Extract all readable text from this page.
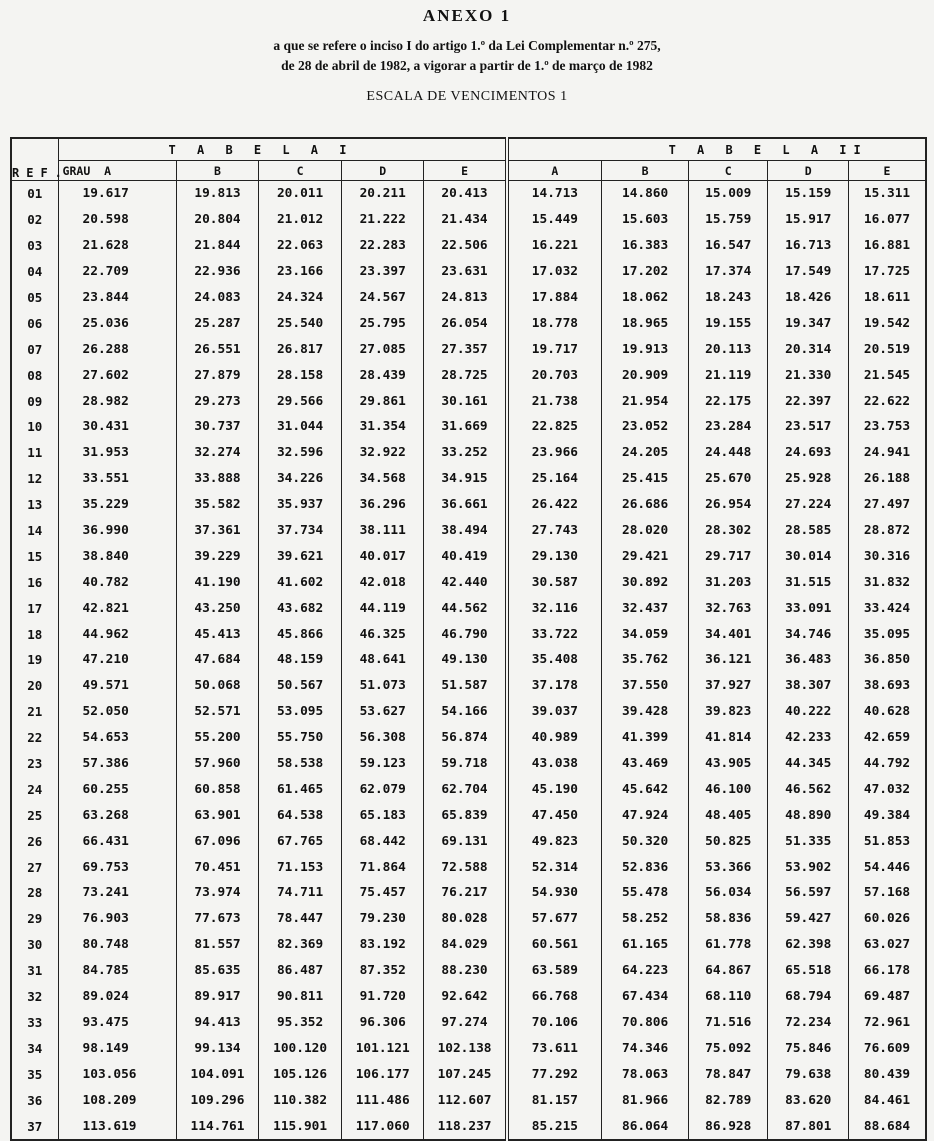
ANEXO 1
a que se refere o inciso I do artigo 1.º da Lei Complementar n.º 275,
de 28 de abril de 1982, a vigorar a partir de 1.º de março de 1982
ESCALA DE VENCIMENTOS 1
REF.	T A B E L A I					T A B E L A II				
	GRAU A	B	C	D	E	A	B	C	D	E
01	19.617	19.813	20.011	20.211	20.413	14.713	14.860	15.009	15.159	15.311
02	20.598	20.804	21.012	21.222	21.434	15.449	15.603	15.759	15.917	16.077
03	21.628	21.844	22.063	22.283	22.506	16.221	16.383	16.547	16.713	16.881
04	22.709	22.936	23.166	23.397	23.631	17.032	17.202	17.374	17.549	17.725
05	23.844	24.083	24.324	24.567	24.813	17.884	18.062	18.243	18.426	18.611
06	25.036	25.287	25.540	25.795	26.054	18.778	18.965	19.155	19.347	19.542
07	26.288	26.551	26.817	27.085	27.357	19.717	19.913	20.113	20.314	20.519
08	27.602	27.879	28.158	28.439	28.725	20.703	20.909	21.119	21.330	21.545
09	28.982	29.273	29.566	29.861	30.161	21.738	21.954	22.175	22.397	22.622
10	30.431	30.737	31.044	31.354	31.669	22.825	23.052	23.284	23.517	23.753
11	31.953	32.274	32.596	32.922	33.252	23.966	24.205	24.448	24.693	24.941
12	33.551	33.888	34.226	34.568	34.915	25.164	25.415	25.670	25.928	26.188
13	35.229	35.582	35.937	36.296	36.661	26.422	26.686	26.954	27.224	27.497
14	36.990	37.361	37.734	38.111	38.494	27.743	28.020	28.302	28.585	28.872
15	38.840	39.229	39.621	40.017	40.419	29.130	29.421	29.717	30.014	30.316
16	40.782	41.190	41.602	42.018	42.440	30.587	30.892	31.203	31.515	31.832
17	42.821	43.250	43.682	44.119	44.562	32.116	32.437	32.763	33.091	33.424
18	44.962	45.413	45.866	46.325	46.790	33.722	34.059	34.401	34.746	35.095
19	47.210	47.684	48.159	48.641	49.130	35.408	35.762	36.121	36.483	36.850
20	49.571	50.068	50.567	51.073	51.587	37.178	37.550	37.927	38.307	38.693
21	52.050	52.571	53.095	53.627	54.166	39.037	39.428	39.823	40.222	40.628
22	54.653	55.200	55.750	56.308	56.874	40.989	41.399	41.814	42.233	42.659
23	57.386	57.960	58.538	59.123	59.718	43.038	43.469	43.905	44.345	44.792
24	60.255	60.858	61.465	62.079	62.704	45.190	45.642	46.100	46.562	47.032
25	63.268	63.901	64.538	65.183	65.839	47.450	47.924	48.405	48.890	49.384
26	66.431	67.096	67.765	68.442	69.131	49.823	50.320	50.825	51.335	51.853
27	69.753	70.451	71.153	71.864	72.588	52.314	52.836	53.366	53.902	54.446
28	73.241	73.974	74.711	75.457	76.217	54.930	55.478	56.034	56.597	57.168
29	76.903	77.673	78.447	79.230	80.028	57.677	58.252	58.836	59.427	60.026
30	80.748	81.557	82.369	83.192	84.029	60.561	61.165	61.778	62.398	63.027
31	84.785	85.635	86.487	87.352	88.230	63.589	64.223	64.867	65.518	66.178
32	89.024	89.917	90.811	91.720	92.642	66.768	67.434	68.110	68.794	69.487
33	93.475	94.413	95.352	96.306	97.274	70.106	70.806	71.516	72.234	72.961
34	98.149	99.134	100.120	101.121	102.138	73.611	74.346	75.092	75.846	76.609
35	103.056	104.091	105.126	106.177	107.245	77.292	78.063	78.847	79.638	80.439
36	108.209	109.296	110.382	111.486	112.607	81.157	81.966	82.789	83.620	84.461
37	113.619	114.761	115.901	117.060	118.237	85.215	86.064	86.928	87.801	88.684
